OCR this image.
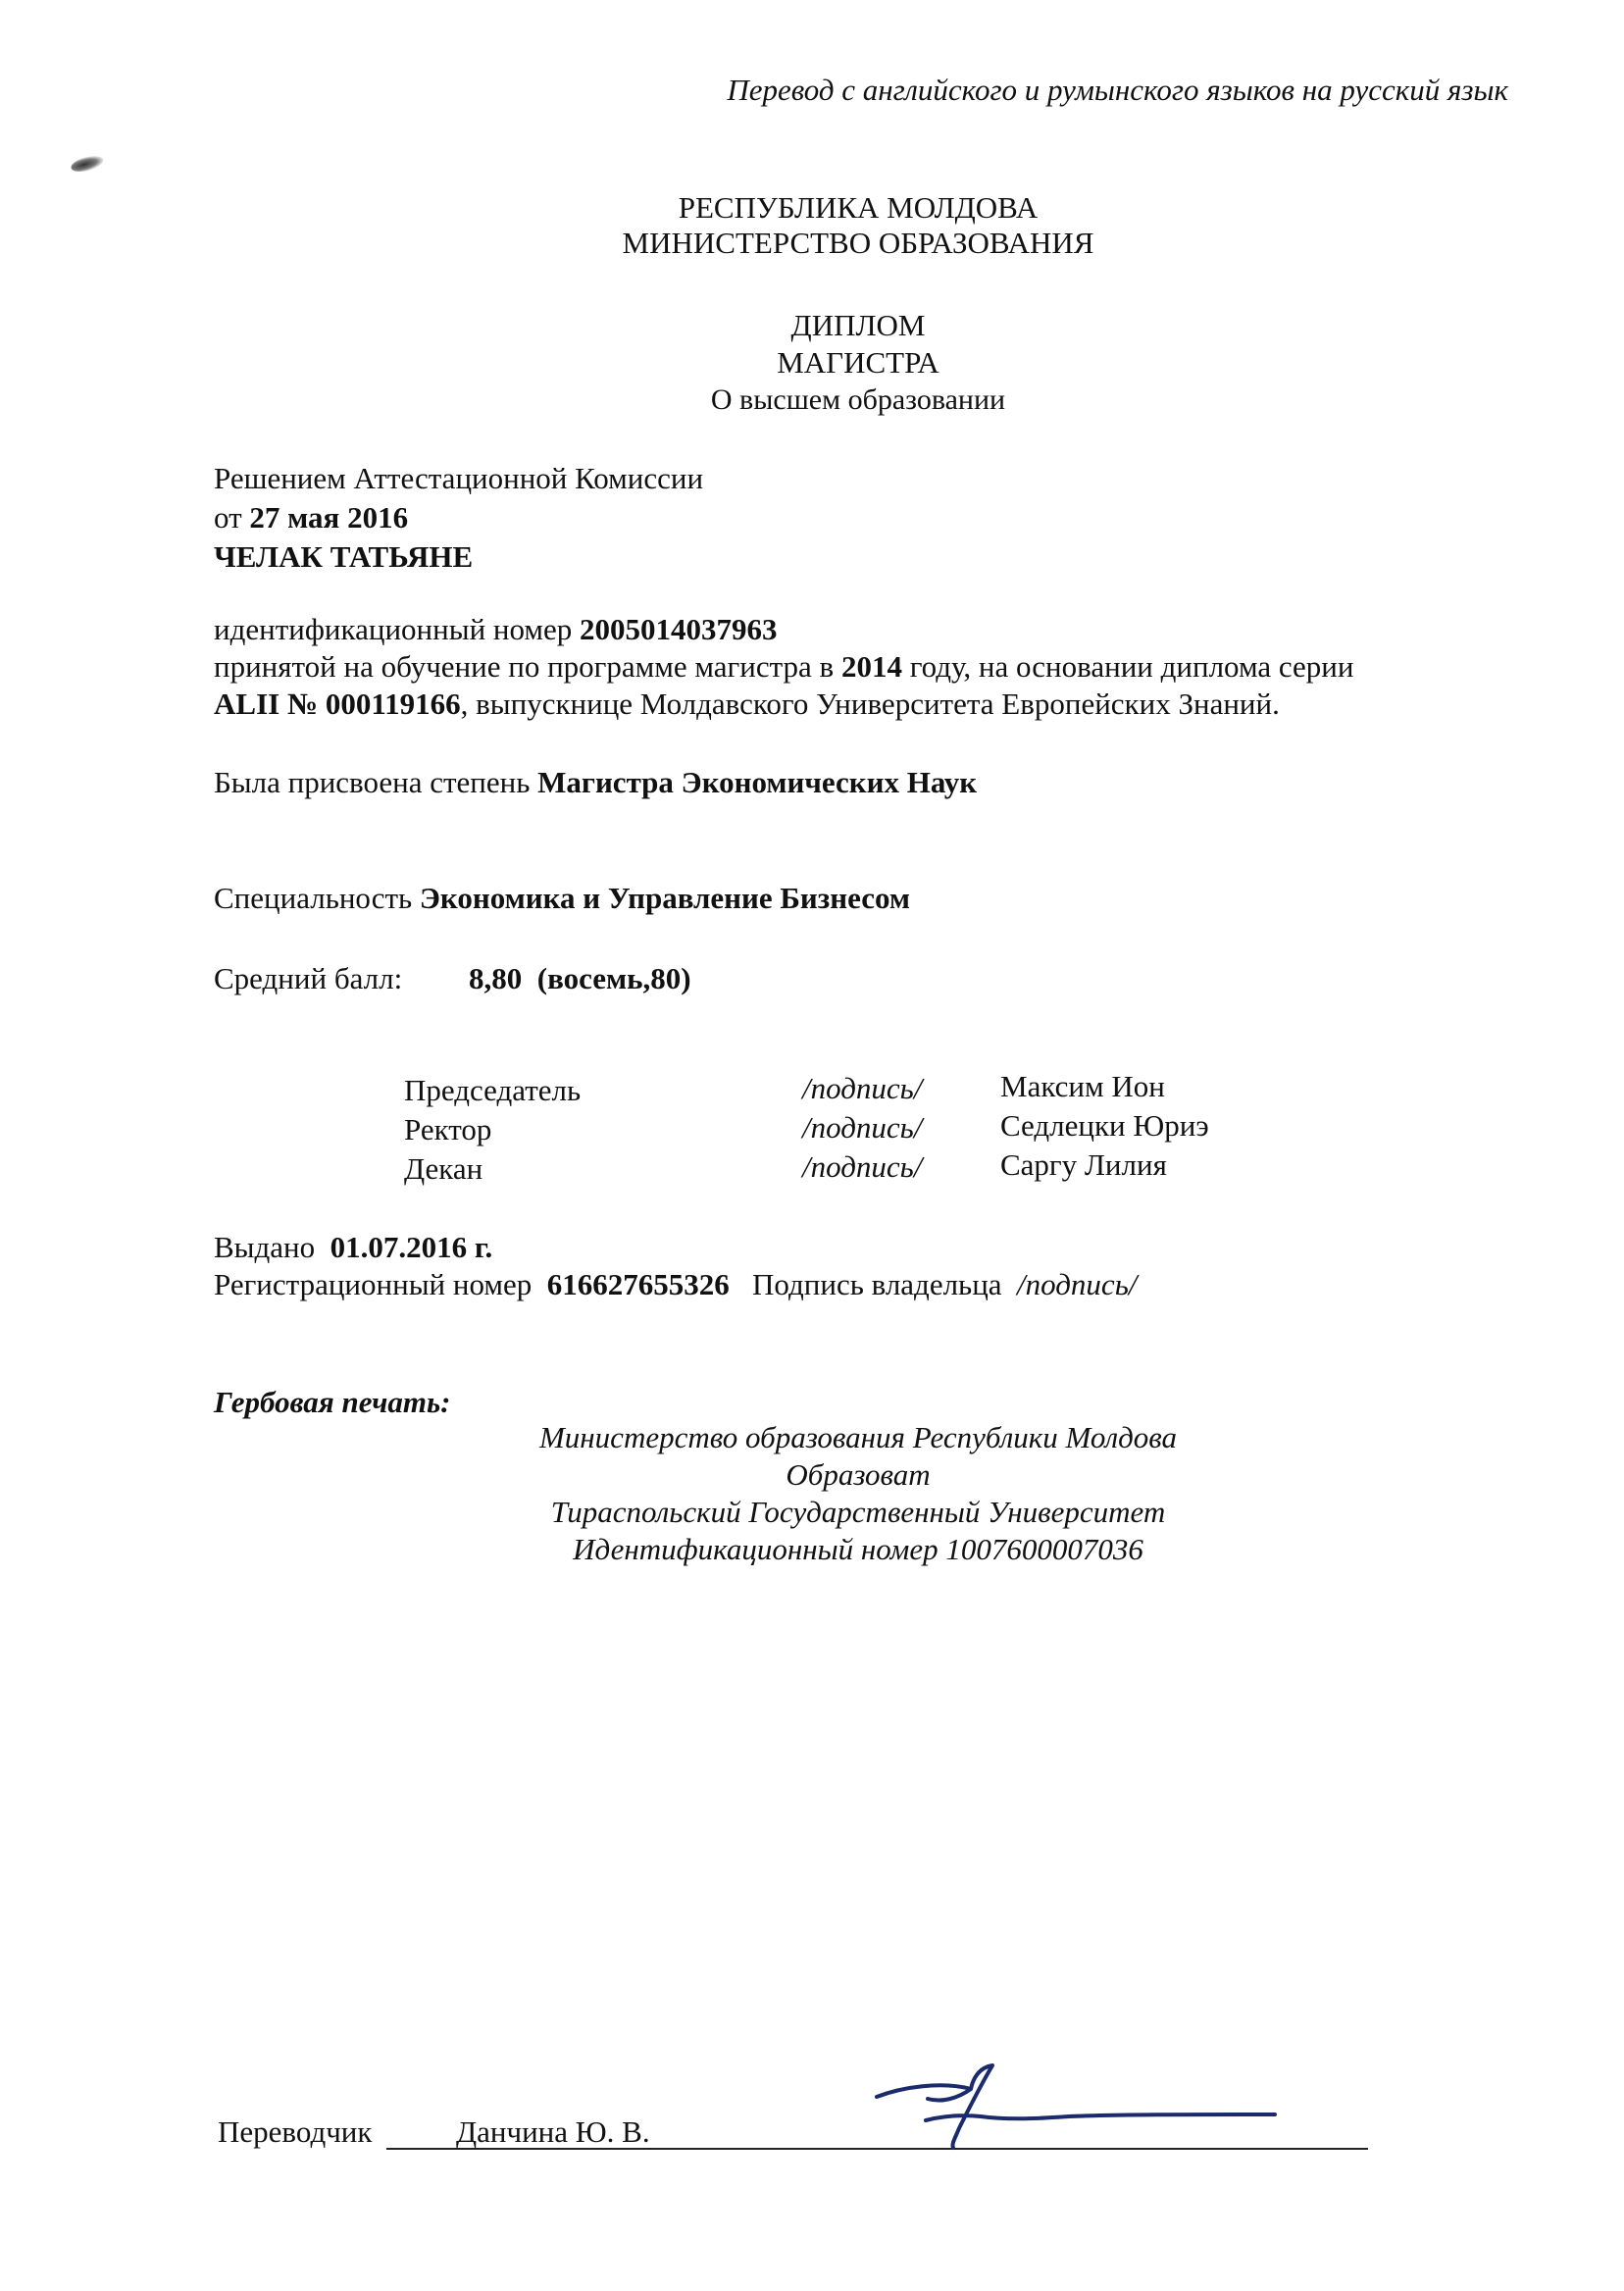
Перевод с английского и румынского языков на русский язык
РЕСПУБЛИКА МОЛДОВА
МИНИСТЕРСТВО ОБРАЗОВАНИЯ
ДИПЛОМ
МАГИСТРА
О высшем образовании
Решением Аттестационной Комиссии
от 27 мая 2016
ЧЕЛАК ТАТЬЯНЕ
идентификационный номер 2005014037963
принятой на обучение по программе магистра в 2014 году, на основании диплома серии
ALII № 000119166, выпускнице Молдавского Университета Европейских Знаний.
Была присвоена степень Магистра Экономических Наук
Специальность Экономика и Управление Бизнесом
Средний балл: 8,80  (восемь,80)
Председатель	/подпись/	Максим Ион
Ректор	/подпись/	Седлецки Юриэ
Декан	/подпись/	Саргу Лилия
Выдано 01.07.2016 г.
Регистрационный номер 616627655326 Подпись владельца /подпись/
Гербовая печать:
Министерство образования Республики Молдова
Образоват
Тираспольский Государственный Университет
Идентификационный номер 1007600007036
Переводчик	Данчина Ю. В.
